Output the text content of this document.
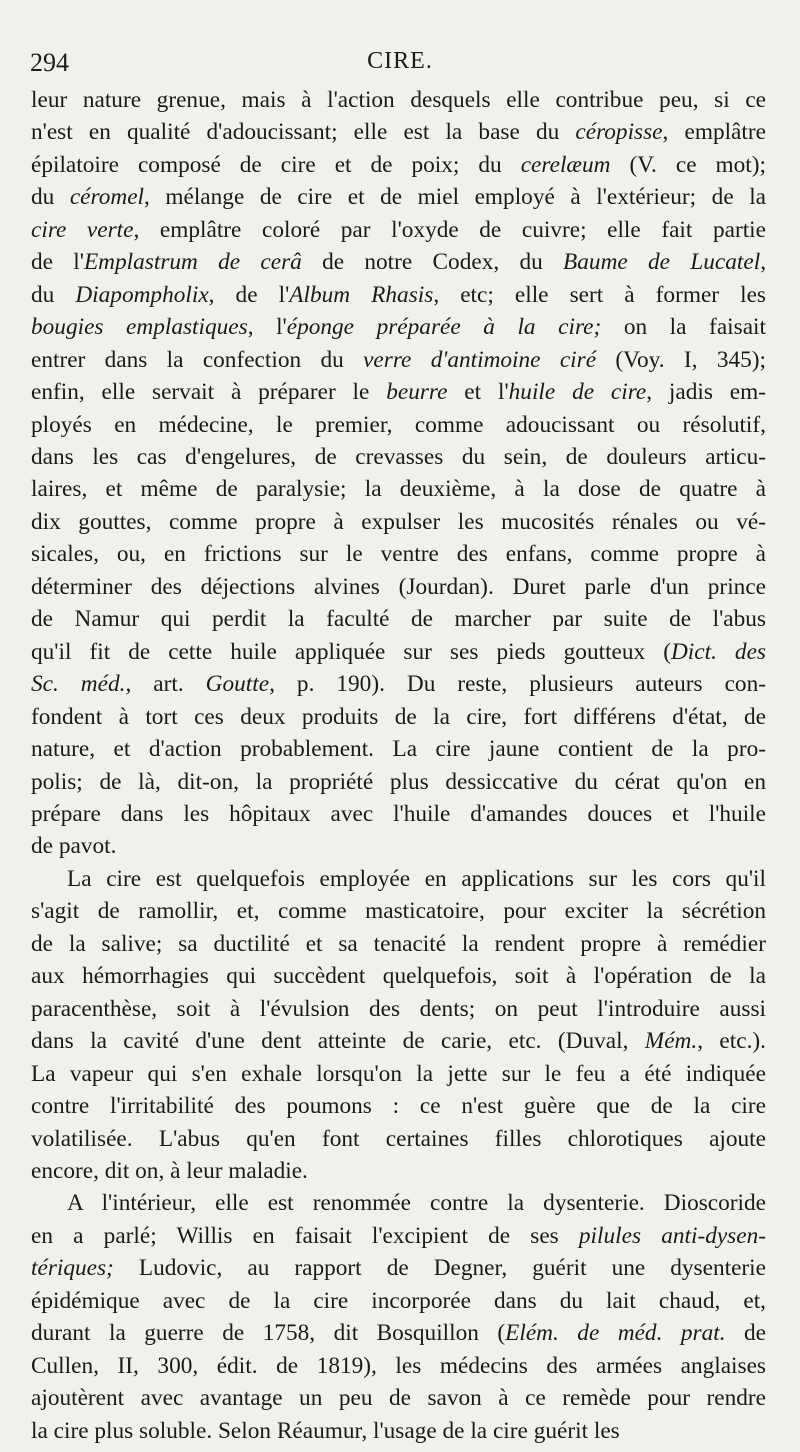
294	CIRE.
leur nature grenue, mais à l'action desquels elle contribue peu, si ce
n'est en qualité d'adoucissant; elle est la base du céropisse, emplâtre
épilatoire composé de cire et de poix; du cerelæum (V. ce mot);
du céromel, mélange de cire et de miel employé à l'extérieur; de la
cire verte, emplâtre coloré par l'oxyde de cuivre; elle fait partie
de l'Emplastrum de cerâ de notre Codex, du Baume de Lucatel,
du Diapompholix, de l'Album Rhasis, etc; elle sert à former les
bougies emplastiques, l'éponge préparée à la cire; on la faisait
entrer dans la confection du verre d'antimoine ciré (Voy. I, 345);
enfin, elle servait à préparer le beurre et l'huile de cire, jadis em-
ployés en médecine, le premier, comme adoucissant ou résolutif,
dans les cas d'engelures, de crevasses du sein, de douleurs articu-
laires, et même de paralysie; la deuxième, à la dose de quatre à
dix gouttes, comme propre à expulser les mucosités rénales ou vé-
sicales, ou, en frictions sur le ventre des enfans, comme propre à
déterminer des déjections alvines (Jourdan). Duret parle d'un prince
de Namur qui perdit la faculté de marcher par suite de l'abus
qu'il fit de cette huile appliquée sur ses pieds goutteux (Dict. des
Sc. méd., art. Goutte, p. 190). Du reste, plusieurs auteurs con-
fondent à tort ces deux produits de la cire, fort différens d'état, de
nature, et d'action probablement. La cire jaune contient de la pro-
polis; de là, dit-on, la propriété plus dessiccative du cérat qu'on en
prépare dans les hôpitaux avec l'huile d'amandes douces et l'huile
de pavot.
La cire est quelquefois employée en applications sur les cors qu'il
s'agit de ramollir, et, comme masticatoire, pour exciter la sécrétion
de la salive; sa ductilité et sa tenacité la rendent propre à remédier
aux hémorrhagies qui succèdent quelquefois, soit à l'opération de la
paracenthèse, soit à l'évulsion des dents; on peut l'introduire aussi
dans la cavité d'une dent atteinte de carie, etc. (Duval, Mém., etc.).
La vapeur qui s'en exhale lorsqu'on la jette sur le feu a été indiquée
contre l'irritabilité des poumons : ce n'est guère que de la cire
volatilisée. L'abus qu'en font certaines filles chlorotiques ajoute
encore, dit on, à leur maladie.
A l'intérieur, elle est renommée contre la dysenterie. Dioscoride
en a parlé; Willis en faisait l'excipient de ses pilules anti-dysen-
tériques; Ludovic, au rapport de Degner, guérit une dysenterie
épidémique avec de la cire incorporée dans du lait chaud, et,
durant la guerre de 1758, dit Bosquillon (Elém. de méd. prat. de
Cullen, II, 300, édit. de 1819), les médecins des armées anglaises
ajoutèrent avec avantage un peu de savon à ce remède pour rendre
la cire plus soluble. Selon Réaumur, l'usage de la cire guérit les
